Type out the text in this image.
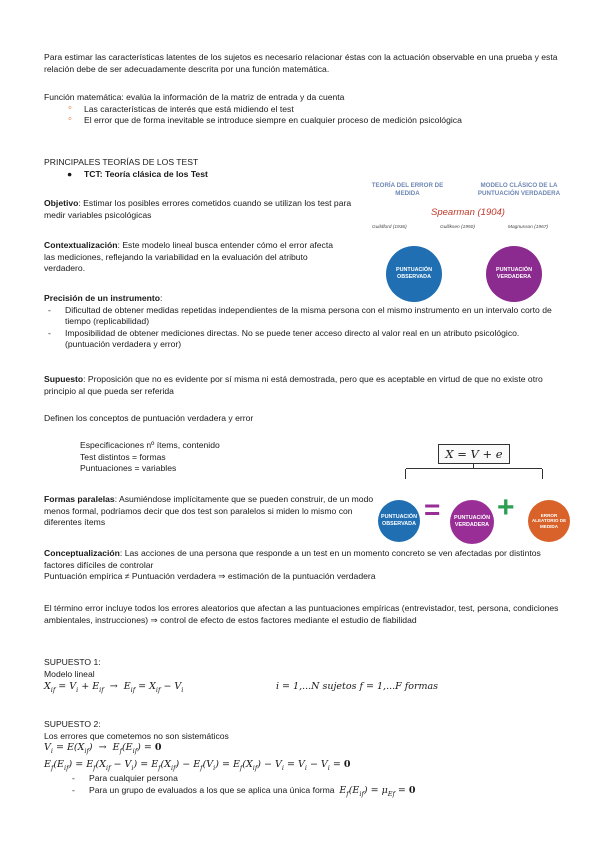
Para estimar las características latentes de los sujetos es necesario relacionar éstas con la actuación observable en una prueba y esta relación debe de ser adecuadamente descrita por una función matemática.
Función matemática: evalúa la información de la matriz de entrada y da cuenta
◦ Las características de interés que está midiendo el test
◦ El error que de forma inevitable se introduce siempre en cualquier proceso de medición psicológica
PRINCIPALES TEORÍAS DE LOS TEST
● TCT: Teoría clásica de los Test
Objetivo: Estimar los posibles errores cometidos cuando se utilizan los test para medir variables psicológicas
Contextualización: Este modelo lineal busca entender cómo el error afecta las mediciones, reflejando la variabilidad en la evaluación del atributo verdadero.
Precisión de un instrumento:
- Dificultad de obtener medidas repetidas independientes de la misma persona con el mismo instrumento en un intervalo corto de tiempo (replicabilidad)
- Imposibilidad de obtener mediciones directas. No se puede tener acceso directo al valor real en un atributo psicológico. (puntuación verdadera y error)
Supuesto: Proposición que no es evidente por sí misma ni está demostrada, pero que es aceptable en virtud de que no existe otro principio al que pueda ser referida
Definen los conceptos de puntuación verdadera y error
Especificaciones nº ítems, contenido
Test distintos = formas
Puntuaciones = variables
Formas paralelas: Asumiéndose implícitamente que se pueden construir, de un modo menos formal, podríamos decir que dos test son paralelos si miden lo mismo con diferentes ítems
Conceptualización: Las acciones de una persona que responde a un test en un momento concreto se ven afectadas por distintos factores difíciles de controlar
Puntuación empírica ≠ Puntuación verdadera ⇒ estimación de la puntuación verdadera
El término error incluye todos los errores aleatorios que afectan a las puntuaciones empíricas (entrevistador, test, persona, condiciones ambientales, instrucciones) ⇒ control de efecto de estos factores mediante el estudio de fiabilidad
SUPUESTO 1:
Modelo lineal
$X_{if} = V_i + E_{if} \to E_{if} = X_{if} - V_i$	i = 1,...N sujetos f = 1,...F formas
SUPUESTO 2:
Los errores que cometemos no son sistemáticos
$V_i = E(X_{if}) \to E_f(E_{if}) = 0$
$E_f(E_{if}) = E_f(X_{if} - V_i) = E_f(X_{if}) - E_f(V_i) = E_f(X_{if}) - V_i = V_i - V_i = 0$
- Para cualquier persona
- Para un grupo de evaluados a los que se aplica una única forma $E_f(E_{if}) = \mu_{Ef} = 0$
TEORÍA DEL ERROR DE MEDIDA
MODELO CLÁSICO DE LA PUNTUACIÓN VERDADERA
Spearman (1904)
Guildford (1936)	Gulliksen (1950)	Magnusson (1967)
PUNTUACIÓN OBSERVADA
PUNTUACIÓN VERDADERA
X = V + e
PUNTUACIÓN OBSERVADA =	PUNTUACIÓN VERDADERA
+	ERROR ALEATORIO DE MEDIDA
